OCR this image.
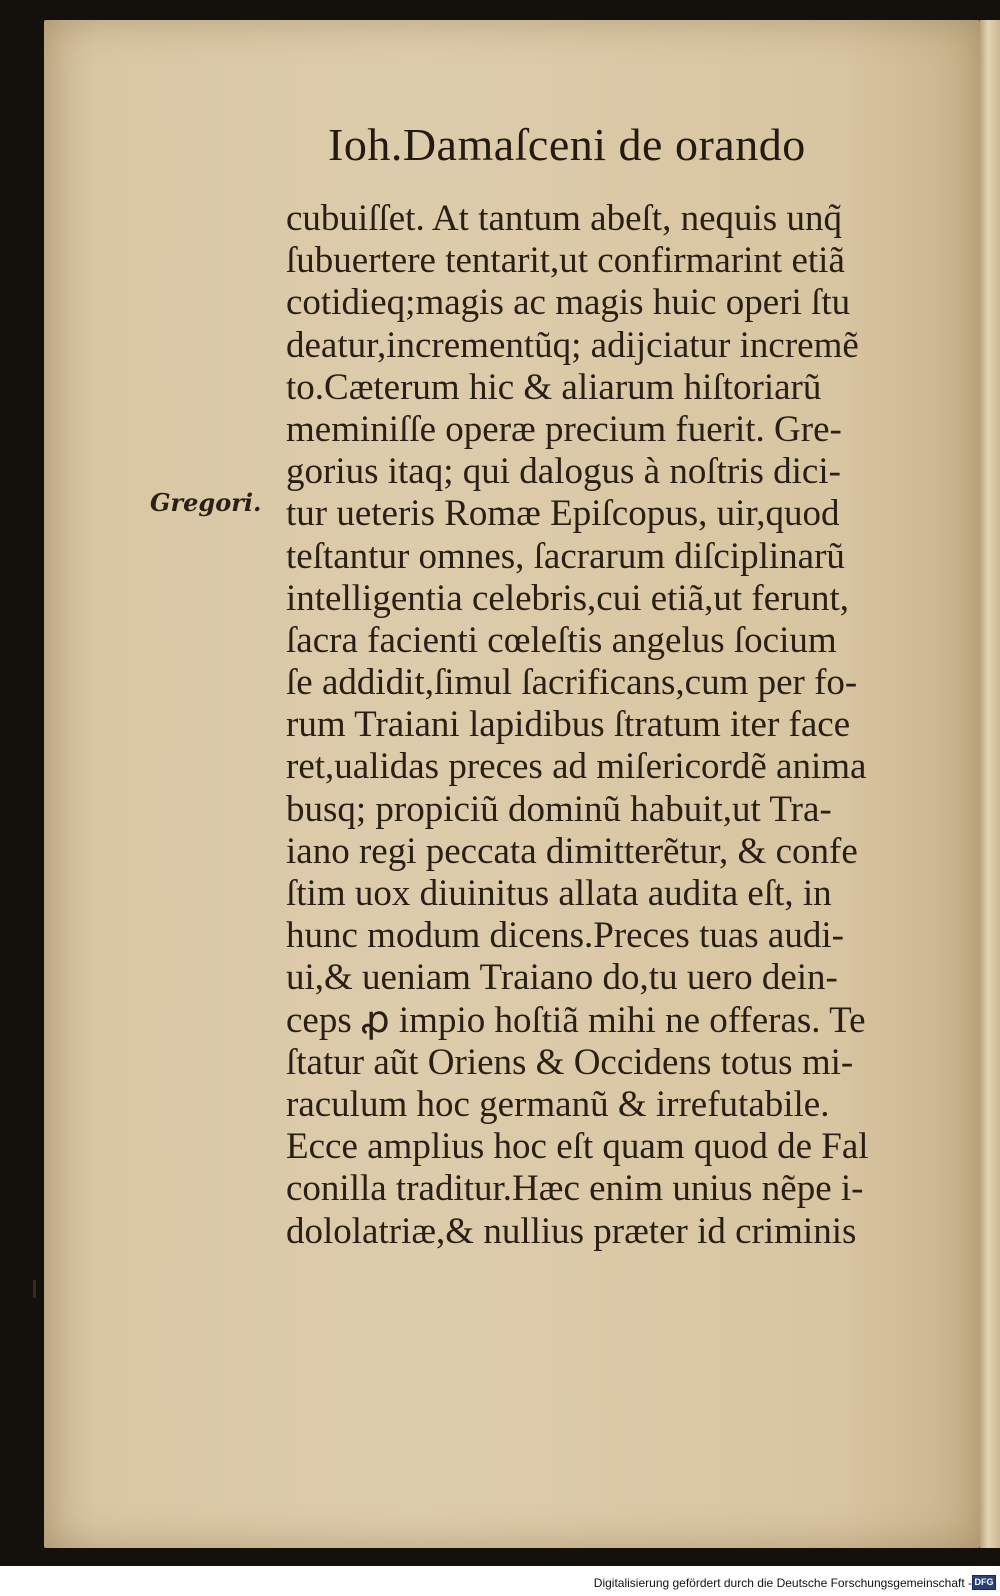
Ioh.Damaſceni de orando
Gregori.
cubuiſſet. At tantum abeſt, nequis unq̃
ſubuertere tentarit,ut confirmarint etiã
cotidieq;magis ac magis huic operi ſtu
deatur,incrementũq; adijciatur incremẽ
to.Cæterum hic & aliarum hiſtoriarũ
meminiſſe operæ precium fuerit. Gre-
gorius itaq; qui dalogus à noſtris dici-
tur ueteris Romæ Epiſcopus, uir,quod
teſtantur omnes, ſacrarum diſciplinarũ
intelligentia celebris,cui etiã,ut ferunt,
ſacra facienti cœleſtis angelus ſocium
ſe addidit,ſimul ſacrificans,cum per fo-
rum Traiani lapidibus ſtratum iter face
ret,ualidas preces ad miſericordẽ anima
busq; propiciũ dominũ habuit,ut Tra-
iano regi peccata dimitterẽtur, & confe
ſtim uox diuinitus allata audita eſt, in
hunc modum dicens.Preces tuas audi-
ui,& ueniam Traiano do,tu uero dein-
ceps ꝓ impio hoſtiã mihi ne offeras. Te
ſtatur aũt Oriens & Occidens totus mi-
raculum hoc germanũ & irrefutabile.
Ecce amplius hoc eſt quam quod de Fal
conilla traditur.Hæc enim unius nẽpe i-
dololatriæ,& nullius præter id criminis
Digitalisierung gefördert durch die Deutsche Forschungsgemeinschaft - DFG
